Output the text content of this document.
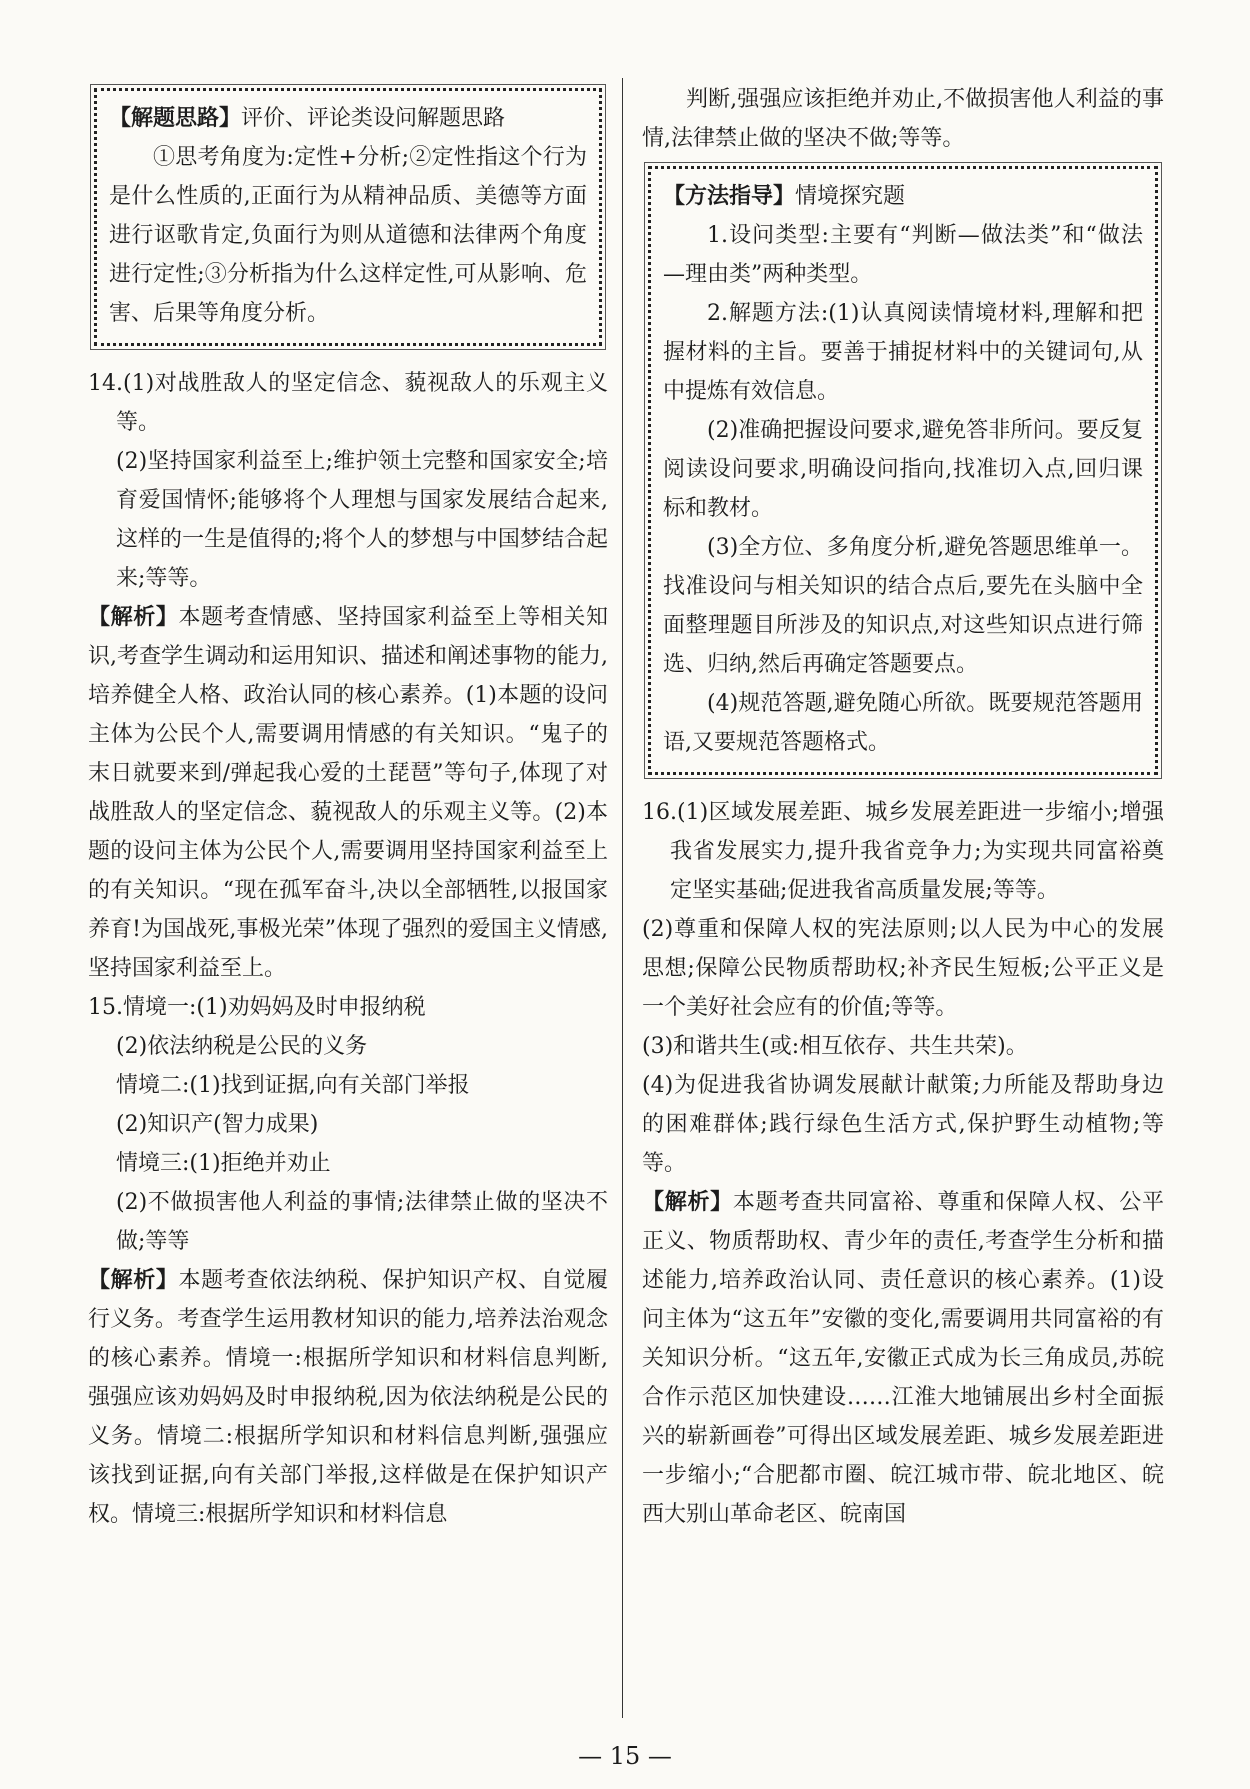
【解题思路】评价、评论类设问解题思路

①思考角度为:定性+分析;②定性指这个行为是什么性质的,正面行为从精神品质、美德等方面进行讴歌肯定,负面行为则从道德和法律两个角度进行定性;③分析指为什么这样定性,可从影响、危害、后果等角度分析。

14.(1)对战胜敌人的坚定信念、藐视敌人的乐观主义等。

(2)坚持国家利益至上;维护领土完整和国家安全;培育爱国情怀;能够将个人理想与国家发展结合起来,这样的一生是值得的;将个人的梦想与中国梦结合起来;等等。

【解析】本题考查情感、坚持国家利益至上等相关知识,考查学生调动和运用知识、描述和阐述事物的能力,培养健全人格、政治认同的核心素养。(1)本题的设问主体为公民个人,需要调用情感的有关知识。“鬼子的末日就要来到/弹起我心爱的土琵琶”等句子,体现了对战胜敌人的坚定信念、藐视敌人的乐观主义等。(2)本题的设问主体为公民个人,需要调用坚持国家利益至上的有关知识。“现在孤军奋斗,决以全部牺牲,以报国家养育!为国战死,事极光荣”体现了强烈的爱国主义情感,坚持国家利益至上。

15.情境一:(1)劝妈妈及时申报纳税

(2)依法纳税是公民的义务

情境二:(1)找到证据,向有关部门举报

(2)知识产(智力成果)

情境三:(1)拒绝并劝止

(2)不做损害他人利益的事情;法律禁止做的坚决不做;等等

【解析】本题考查依法纳税、保护知识产权、自觉履行义务。考查学生运用教材知识的能力,培养法治观念的核心素养。情境一:根据所学知识和材料信息判断,强强应该劝妈妈及时申报纳税,因为依法纳税是公民的义务。情境二:根据所学知识和材料信息判断,强强应该找到证据,向有关部门举报,这样做是在保护知识产权。情境三:根据所学知识和材料信息

判断,强强应该拒绝并劝止,不做损害他人利益的事情,法律禁止做的坚决不做;等等。

【方法指导】情境探究题

1.设问类型:主要有“判断—做法类”和“做法—理由类”两种类型。

2.解题方法:(1)认真阅读情境材料,理解和把握材料的主旨。要善于捕捉材料中的关键词句,从中提炼有效信息。

(2)准确把握设问要求,避免答非所问。要反复阅读设问要求,明确设问指向,找准切入点,回归课标和教材。

(3)全方位、多角度分析,避免答题思维单一。找准设问与相关知识的结合点后,要先在头脑中全面整理题目所涉及的知识点,对这些知识点进行筛选、归纳,然后再确定答题要点。

(4)规范答题,避免随心所欲。既要规范答题用语,又要规范答题格式。

16.(1)区域发展差距、城乡发展差距进一步缩小;增强我省发展实力,提升我省竞争力;为实现共同富裕奠定坚实基础;促进我省高质量发展;等等。

(2)尊重和保障人权的宪法原则;以人民为中心的发展思想;保障公民物质帮助权;补齐民生短板;公平正义是一个美好社会应有的价值;等等。

(3)和谐共生(或:相互依存、共生共荣)。

(4)为促进我省协调发展献计献策;力所能及帮助身边的困难群体;践行绿色生活方式,保护野生动植物;等等。

【解析】本题考查共同富裕、尊重和保障人权、公平正义、物质帮助权、青少年的责任,考查学生分析和描述能力,培养政治认同、责任意识的核心素养。(1)设问主体为“这五年”安徽的变化,需要调用共同富裕的有关知识分析。“这五年,安徽正式成为长三角成员,苏皖合作示范区加快建设……江淮大地铺展出乡村全面振兴的崭新画卷”可得出区域发展差距、城乡发展差距进一步缩小;“合肥都市圈、皖江城市带、皖北地区、皖西大别山革命老区、皖南国

— 15 —
